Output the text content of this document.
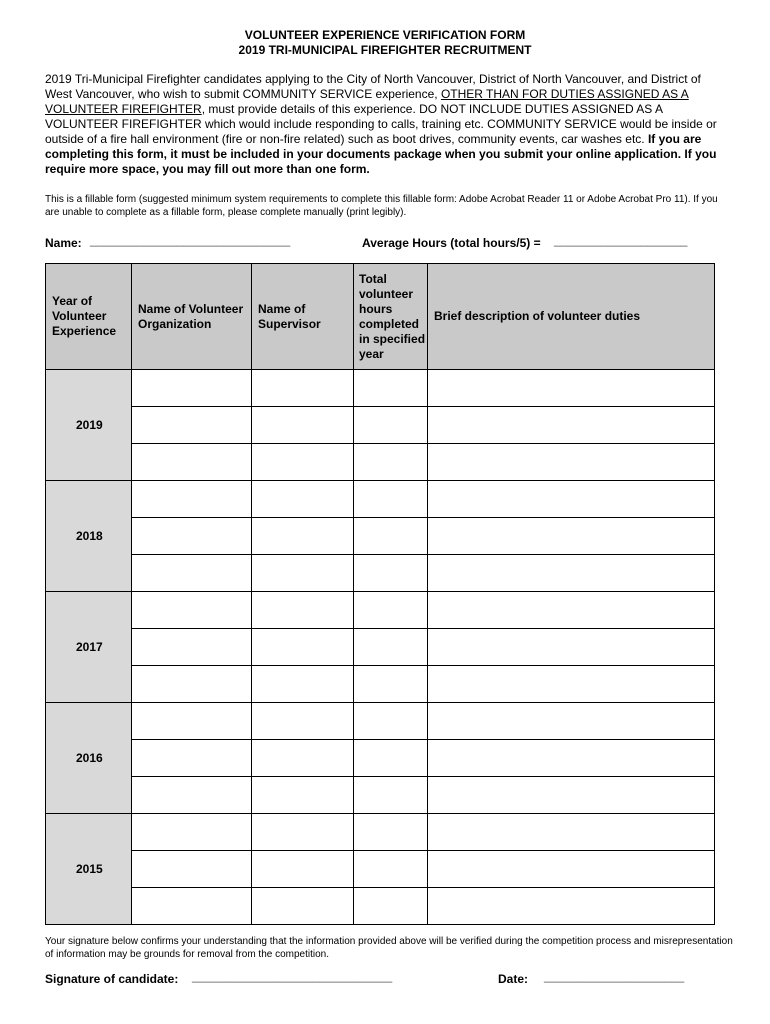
VOLUNTEER EXPERIENCE VERIFICATION FORM
2019 TRI-MUNICIPAL FIREFIGHTER RECRUITMENT
2019 Tri-Municipal Firefighter candidates applying to the City of North Vancouver, District of North Vancouver, and District of West Vancouver, who wish to submit COMMUNITY SERVICE experience, OTHER THAN FOR DUTIES ASSIGNED AS A VOLUNTEER FIREFIGHTER, must provide details of this experience. DO NOT INCLUDE DUTIES ASSIGNED AS A VOLUNTEER FIREFIGHTER which would include responding to calls, training etc. COMMUNITY SERVICE would be inside or outside of a fire hall environment (fire or non-fire related) such as boot drives, community events, car washes etc. If you are completing this form, it must be included in your documents package when you submit your online application. If you require more space, you may fill out more than one form.
This is a fillable form (suggested minimum system requirements to complete this fillable form: Adobe Acrobat Reader 11 or Adobe Acrobat Pro 11). If you are unable to complete as a fillable form, please complete manually (print legibly).
Name: ______________________________	Average Hours (total hours/5) = ____________________
Year of Volunteer Experience	Name of Volunteer Organization	Name of Supervisor	Total volunteer hours completed in specified year	Brief description of volunteer duties
2019				

2018				

2017				

2016				

2015				

Your signature below confirms your understanding that the information provided above will be verified during the competition process and misrepresentation of information may be grounds for removal from the competition.
Signature of candidate: ______________________________	Date: _____________________
